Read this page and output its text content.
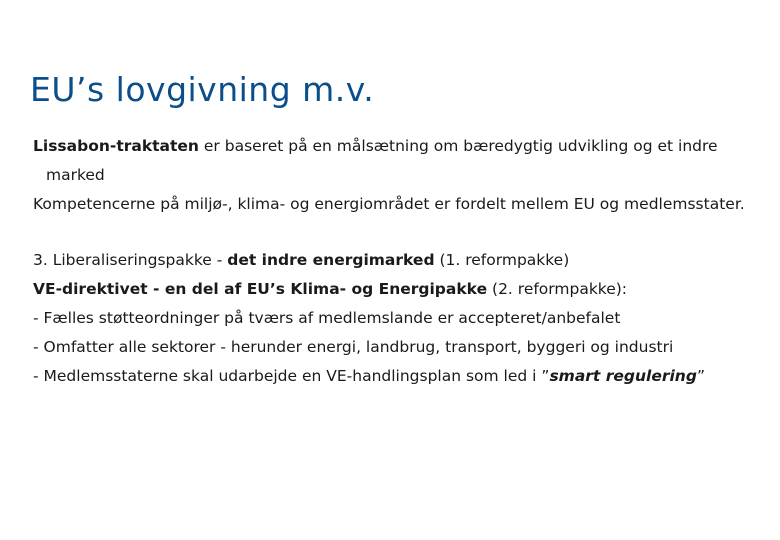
EU’s lovgivning m.v.

Lissabon-traktaten er baseret på en målsætning om bæredygtig udvikling og et indre marked

Kompetencerne på miljø-, klima- og energiområdet er fordelt mellem EU og medlemsstater.

3. Liberaliseringspakke - det indre energimarked (1. reformpakke)

VE-direktivet - en del af EU’s Klima- og Energipakke (2. reformpakke):

- Fælles støtteordninger på tværs af medlemslande er accepteret/anbefalet

- Omfatter alle sektorer - herunder energi, landbrug, transport, byggeri og industri

- Medlemsstaterne skal udarbejde en VE-handlingsplan som led i ”smart regulering”
